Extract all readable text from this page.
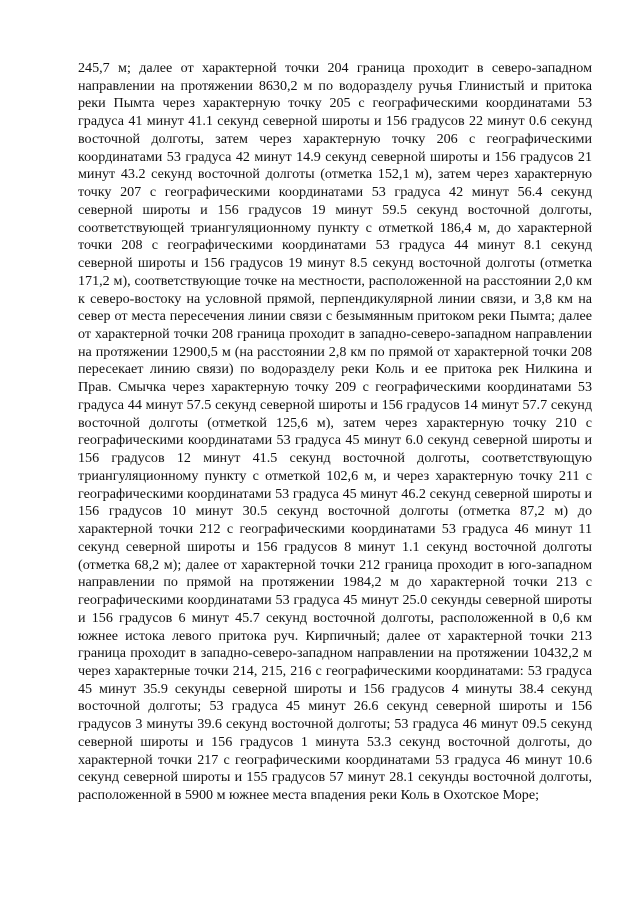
245,7 м; далее от характерной точки 204 граница проходит в северо-западном направлении на протяжении 8630,2 м по водоразделу ручья Глинистый и притока реки Пымта через характерную точку 205 с географическими координатами 53 градуса 41 минут 41.1 секунд северной широты и 156 градусов 22 минут 0.6 секунд восточной долготы, затем через характерную точку 206 с географическими координатами 53 градуса 42 минут 14.9 секунд северной широты и 156 градусов 21 минут 43.2 секунд восточной долготы (отметка 152,1 м), затем через характерную точку 207 с географическими координатами 53 градуса 42 минут 56.4 секунд северной широты и 156 градусов 19 минут 59.5 секунд восточной долготы, соответствующей триангуляционному пункту с отметкой 186,4 м, до характерной точки 208 с географическими координатами 53 градуса 44 минут 8.1 секунд северной широты и 156 градусов 19 минут 8.5 секунд восточной долготы (отметка 171,2 м), соответствующие точке на местности, расположенной на расстоянии 2,0 км к северо-востоку на условной прямой, перпендикулярной линии связи, и 3,8 км на север от места пересечения линии связи с безымянным притоком реки Пымта; далее от характерной точки 208 граница проходит в западно-северо-западном направлении на протяжении 12900,5 м (на расстоянии 2,8 км по прямой от характерной точки 208 пересекает линию связи) по водоразделу реки Коль и ее притока рек Нилкина и Прав. Смычка через характерную точку 209 с географическими координатами 53 градуса 44 минут 57.5 секунд северной широты и 156 градусов 14 минут 57.7 секунд восточной долготы (отметкой 125,6 м), затем через характерную точку 210 с географическими координатами 53 градуса 45 минут 6.0 секунд северной широты и 156 градусов 12 минут 41.5 секунд восточной долготы, соответствующую триангуляционному пункту с отметкой 102,6 м, и через характерную точку 211 с географическими координатами 53 градуса 45 минут 46.2 секунд северной широты и 156 градусов 10 минут 30.5 секунд восточной долготы (отметка 87,2 м) до характерной точки 212 с географическими координатами 53 градуса 46 минут 11 секунд северной широты и 156 градусов 8 минут 1.1 секунд восточной долготы (отметка 68,2 м); далее от характерной точки 212 граница проходит в юго-западном направлении по прямой на протяжении 1984,2 м до характерной точки 213 с географическими координатами 53 градуса 45 минут 25.0 секунды северной широты и 156 градусов 6 минут 45.7 секунд восточной долготы, расположенной в 0,6 км южнее истока левого притока руч. Кирпичный; далее от характерной точки 213 граница проходит в западно-северо-западном направлении на протяжении 10432,2 м через характерные точки 214, 215, 216 с географическими координатами: 53 градуса 45 минут 35.9 секунды северной широты и 156 градусов 4 минуты 38.4 секунд восточной долготы; 53 градуса 45 минут 26.6 секунд северной широты и 156 градусов 3 минуты 39.6 секунд восточной долготы; 53 градуса 46 минут 09.5 секунд северной широты и 156 градусов 1 минута 53.3 секунд восточной долготы, до характерной точки 217 с географическими координатами 53 градуса 46 минут 10.6 секунд северной широты и 155 градусов 57 минут 28.1 секунды восточной долготы, расположенной в 5900 м южнее места впадения реки Коль в Охотское Море;
